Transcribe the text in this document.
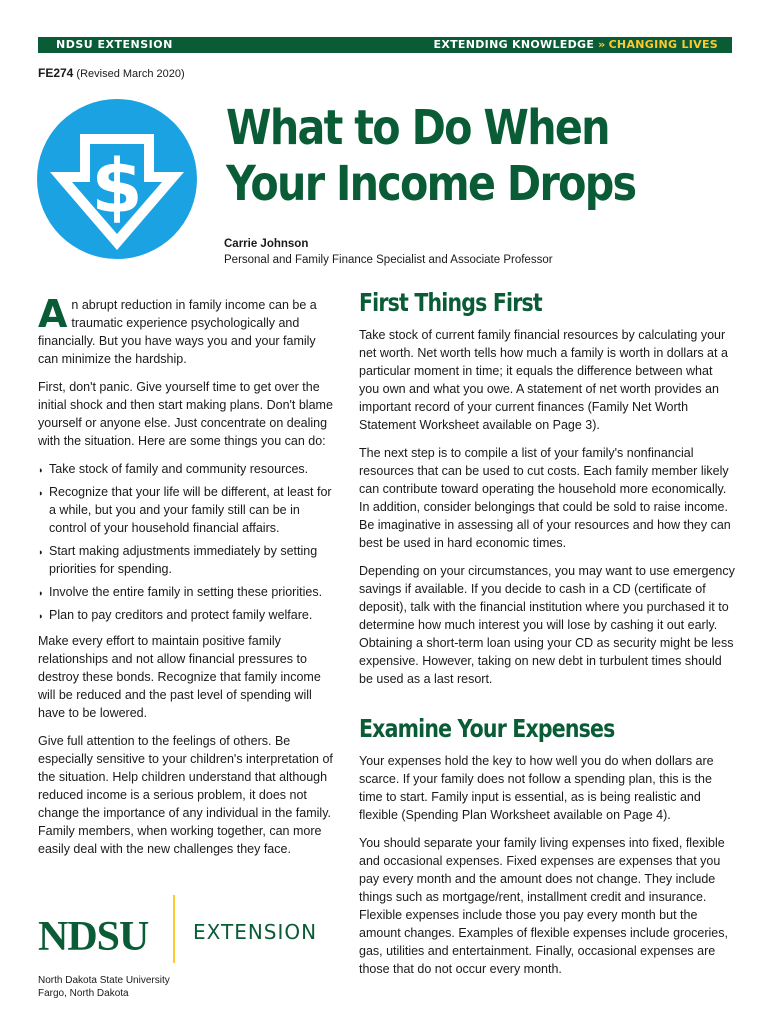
NDSU EXTENSION	EXTENDING KNOWLEDGE » CHANGING LIVES
FE274 (Revised March 2020)
$
What to Do When
Your Income Drops
Carrie Johnson
Personal and Family Finance Specialist and Associate Professor

An abrupt reduction in family income can be a traumatic experience psychologically and financially. But you have ways you and your family can minimize the hardship.

First, don't panic. Give yourself time to get over the initial shock and then start making plans. Don't blame yourself or anyone else. Just concentrate on dealing with the situation. Here are some things you can do:

◗ Take stock of family and community resources.
◗ Recognize that your life will be different, at least for a while, but you and your family still can be in control of your household financial affairs.
◗ Start making adjustments immediately by setting priorities for spending.
◗ Involve the entire family in setting these priorities.
◗ Plan to pay creditors and protect family welfare.

Make every effort to maintain positive family relationships and not allow financial pressures to destroy these bonds. Recognize that family income will be reduced and the past level of spending will have to be lowered.

Give full attention to the feelings of others. Be especially sensitive to your children's interpretation of the situation. Help children understand that although reduced income is a serious problem, it does not change the importance of any individual in the family. Family members, when working together, can more easily deal with the new challenges they face.

First Things First

Take stock of current family financial resources by calculating your net worth. Net worth tells how much a family is worth in dollars at a particular moment in time; it equals the difference between what you own and what you owe. A statement of net worth provides an important record of your current finances (Family Net Worth Statement Worksheet available on Page 3).

The next step is to compile a list of your family's nonfinancial resources that can be used to cut costs. Each family member likely can contribute toward operating the household more economically. In addition, consider belongings that could be sold to raise income. Be imaginative in assessing all of your resources and how they can best be used in hard economic times.

Depending on your circumstances, you may want to use emergency savings if available. If you decide to cash in a CD (certificate of deposit), talk with the financial institution where you purchased it to determine how much interest you will lose by cashing it out early. Obtaining a short-term loan using your CD as security might be less expensive. However, taking on new debt in turbulent times should be used as a last resort.

Examine Your Expenses

Your expenses hold the key to how well you do when dollars are scarce. If your family does not follow a spending plan, this is the time to start. Family input is essential, as is being realistic and flexible (Spending Plan Worksheet available on Page 4).

You should separate your family living expenses into fixed, flexible and occasional expenses. Fixed expenses are expenses that you pay every month and the amount does not change. They include things such as mortgage/rent, installment credit and insurance. Flexible expenses include those you pay every month but the amount changes. Examples of flexible expenses include groceries, gas, utilities and entertainment. Finally, occasional expenses are those that do not occur every month.

NDSU EXTENSION
North Dakota State University
Fargo, North Dakota
